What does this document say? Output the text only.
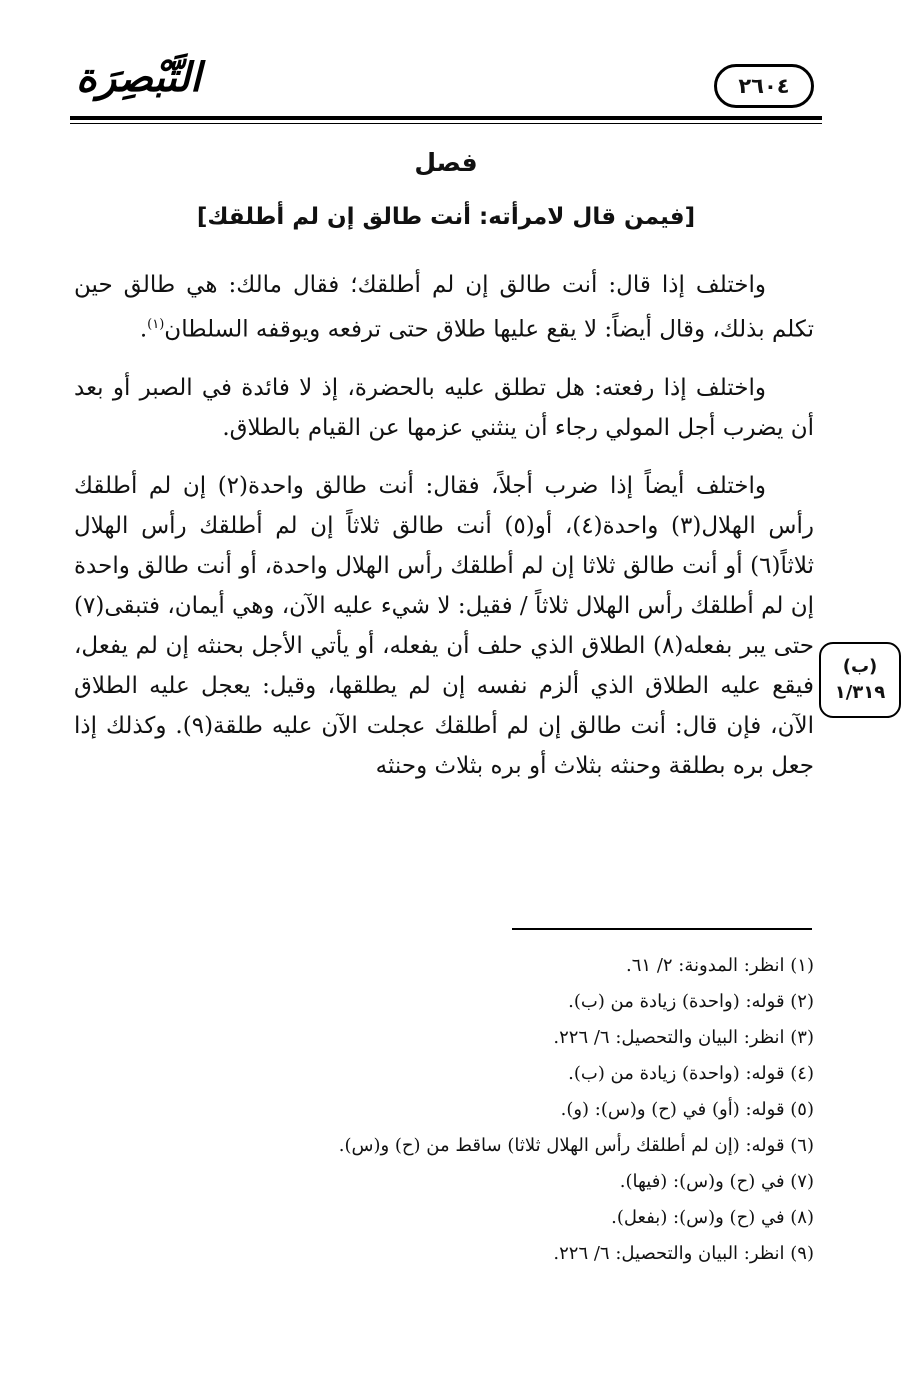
التَّبْصِرَة	٢٦٠٤
فصل
[فيمن قال لامرأته: أنت طالق إن لم أطلقك]

واختلف إذا قال: أنت طالق إن لم أطلقك؛ فقال مالك: هي طالق حين تكلم بذلك، وقال أيضاً: لا يقع عليها طلاق حتى ترفعه ويوقفه السلطان$^{(١)}$.

واختلف إذا رفعته: هل تطلق عليه بالحضرة، إذ لا فائدة في الصبر أو بعد أن يضرب أجل المولي رجاء أن ينثني عزمها عن القيام بالطلاق.

واختلف أيضاً إذا ضرب أجلاً، فقال: أنت طالق واحدة(٢) إن لم أطلقك رأس الهلال(٣) واحدة(٤)، أو(٥) أنت طالق ثلاثاً إن لم أطلقك رأس الهلال ثلاثاً(٦) أو أنت طالق ثلاثا إن لم أطلقك رأس الهلال واحدة، أو أنت طالق واحدة إن لم أطلقك رأس الهلال ثلاثاً / فقيل: لا شيء عليه الآن، وهي أيمان، فتبقى(٧) حتى يبر بفعله(٨) الطلاق الذي حلف أن يفعله، أو يأتي الأجل بحنثه إن لم يفعل، فيقع عليه الطلاق الذي ألزم نفسه إن لم يطلقها، وقيل: يعجل عليه الطلاق الآن، فإن قال: أنت طالق إن لم أطلقك عجلت الآن عليه طلقة(٩). وكذلك إذا جعل بره بطلقة وحنثه بثلاث أو بره بثلاث وحنثه

(ب)
١/٣١٩

(١) انظر: المدونة: ٢/ ٦١.

(٢) قوله: (واحدة) زيادة من (ب).

(٣) انظر: البيان والتحصيل: ٦/ ٢٢٦.

(٤) قوله: (واحدة) زيادة من (ب).

(٥) قوله: (أو) في (ح) و(س): (و).

(٦) قوله: (إن لم أطلقك رأس الهلال ثلاثا) ساقط من (ح) و(س).

(٧) في (ح) و(س): (فيها).

(٨) في (ح) و(س): (بفعل).

(٩) انظر: البيان والتحصيل: ٦/ ٢٢٦.
